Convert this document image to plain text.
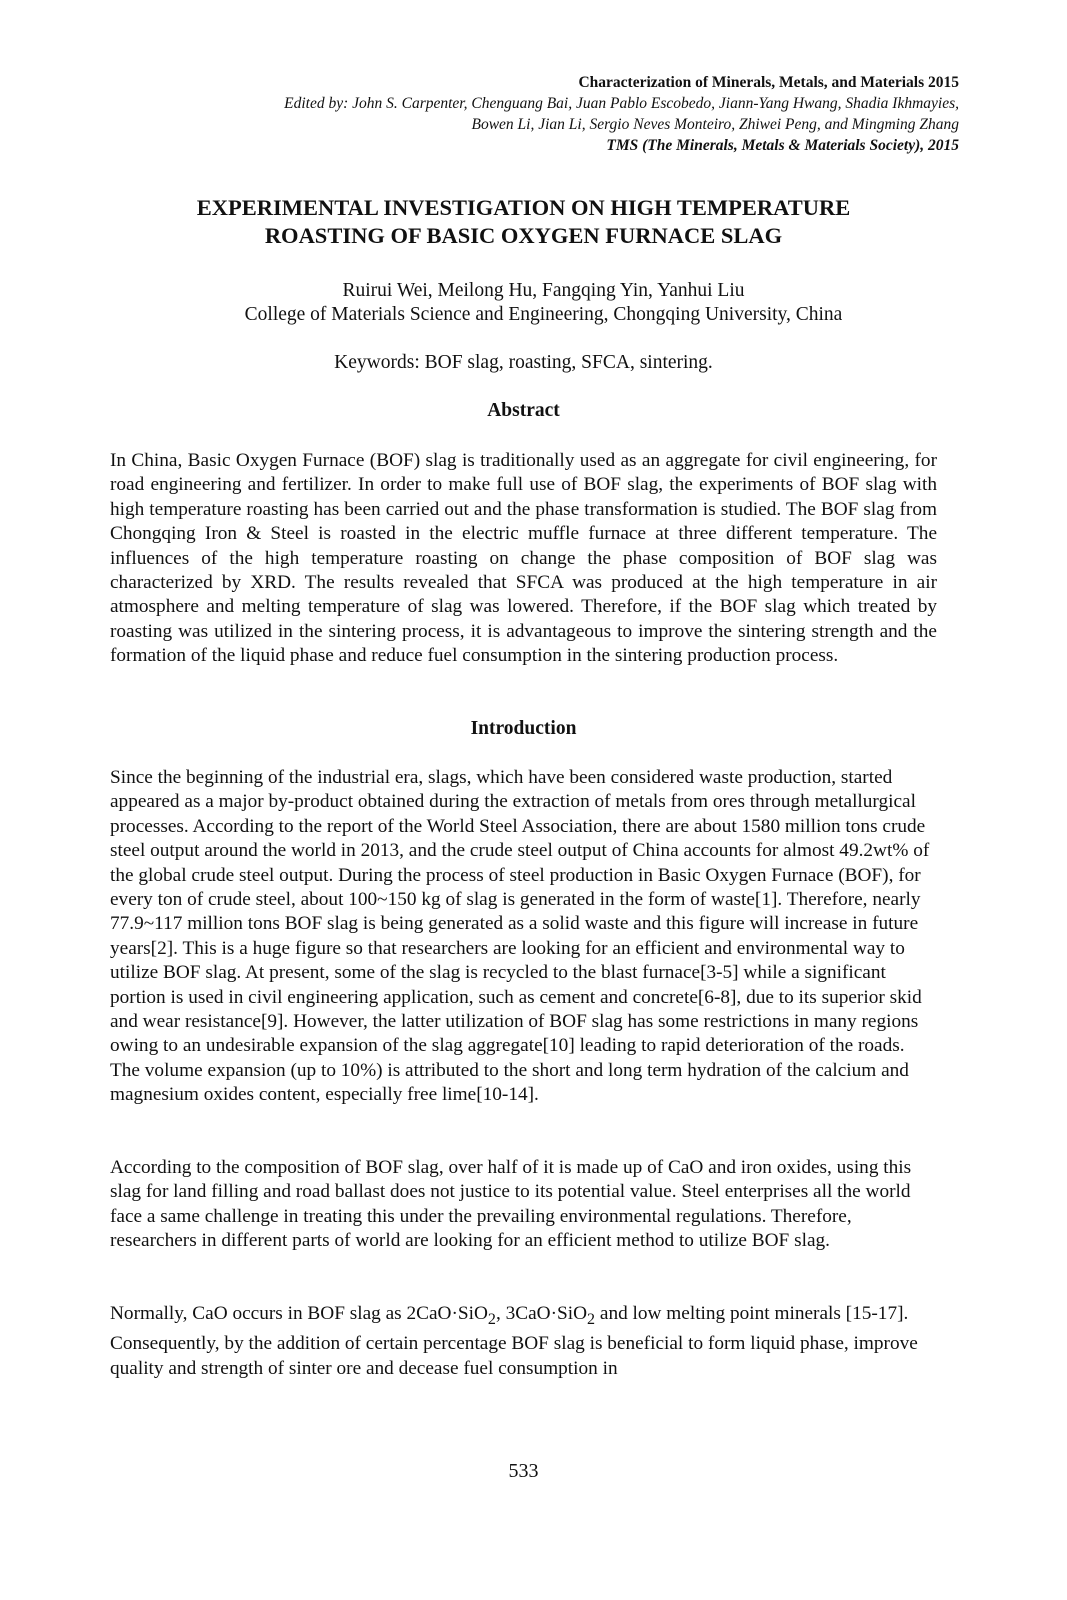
Characterization of Minerals, Metals, and Materials 2015
Edited by: John S. Carpenter, Chenguang Bai, Juan Pablo Escobedo, Jiann-Yang Hwang, Shadia Ikhmayies,
Bowen Li, Jian Li, Sergio Neves Monteiro, Zhiwei Peng, and Mingming Zhang
TMS (The Minerals, Metals & Materials Society), 2015
EXPERIMENTAL INVESTIGATION ON HIGH TEMPERATURE
ROASTING OF BASIC OXYGEN FURNACE SLAG
Ruirui Wei, Meilong Hu, Fangqing Yin, Yanhui Liu
College of Materials Science and Engineering, Chongqing University, China
Keywords: BOF slag, roasting, SFCA, sintering.
Abstract

In China, Basic Oxygen Furnace (BOF) slag is traditionally used as an aggregate for civil engineering, for road engineering and fertilizer. In order to make full use of BOF slag, the experiments of BOF slag with high temperature roasting has been carried out and the phase transformation is studied. The BOF slag from Chongqing Iron & Steel is roasted in the electric muffle furnace at three different temperature. The influences of the high temperature roasting on change the phase composition of BOF slag was characterized by XRD. The results revealed that SFCA was produced at the high temperature in air atmosphere and melting temperature of slag was lowered. Therefore, if the BOF slag which treated by roasting was utilized in the sintering process, it is advantageous to improve the sintering strength and the formation of the liquid phase and reduce fuel consumption in the sintering production process.

Introduction

Since the beginning of the industrial era, slags, which have been considered waste production, started appeared as a major by-product obtained during the extraction of metals from ores through metallurgical processes. According to the report of the World Steel Association, there are about 1580 million tons crude steel output around the world in 2013, and the crude steel output of China accounts for almost 49.2wt% of the global crude steel output. During the process of steel production in Basic Oxygen Furnace (BOF), for every ton of crude steel, about 100~150 kg of slag is generated in the form of waste[1]. Therefore, nearly 77.9~117 million tons BOF slag is being generated as a solid waste and this figure will increase in future years[2]. This is a huge figure so that researchers are looking for an efficient and environmental way to utilize BOF slag. At present, some of the slag is recycled to the blast furnace[3-5] while a significant portion is used in civil engineering application, such as cement and concrete[6-8], due to its superior skid and wear resistance[9]. However, the latter utilization of BOF slag has some restrictions in many regions owing to an undesirable expansion of the slag aggregate[10] leading to rapid deterioration of the roads. The volume expansion (up to 10%) is attributed to the short and long term hydration of the calcium and magnesium oxides content, especially free lime[10-14].

According to the composition of BOF slag, over half of it is made up of CaO and iron oxides, using this slag for land filling and road ballast does not justice to its potential value. Steel enterprises all the world face a same challenge in treating this under the prevailing environmental regulations. Therefore, researchers in different parts of world are looking for an efficient method to utilize BOF slag.

Normally, CaO occurs in BOF slag as 2CaO·SiO$_2$, 3CaO·SiO$_2$ and low melting point minerals [15-17]. Consequently, by the addition of certain percentage BOF slag is beneficial to form liquid phase, improve quality and strength of sinter ore and decease fuel consumption in

533
